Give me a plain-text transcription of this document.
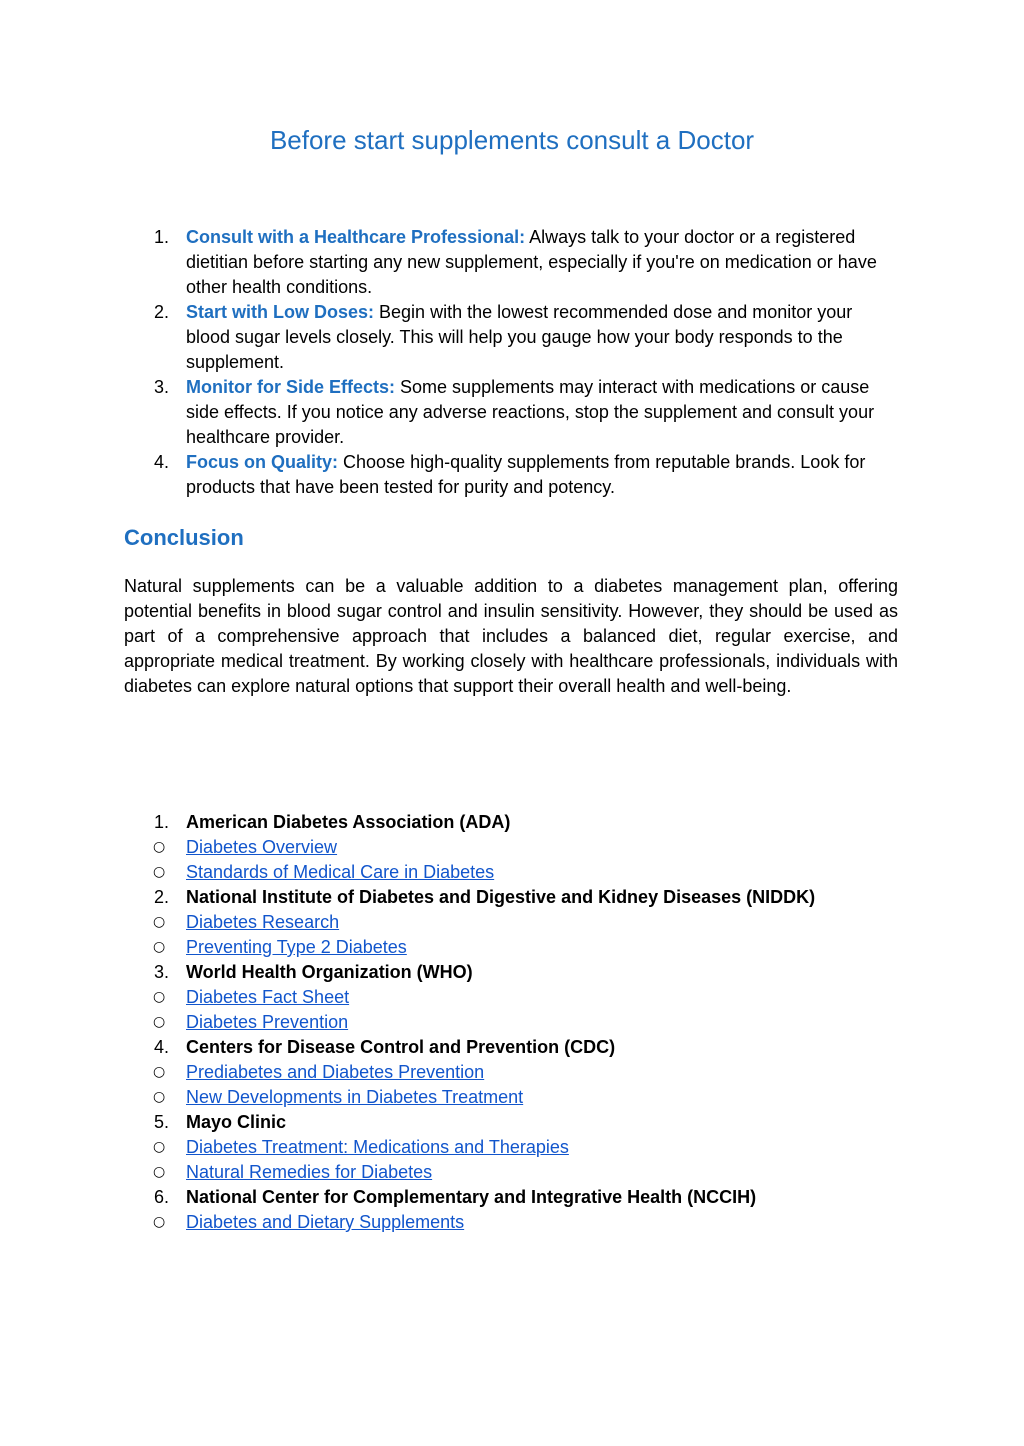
Before start supplements consult a Doctor
1. Consult with a Healthcare Professional: Always talk to your doctor or a registered dietitian before starting any new supplement, especially if you're on medication or have other health conditions.
2. Start with Low Doses: Begin with the lowest recommended dose and monitor your blood sugar levels closely. This will help you gauge how your body responds to the supplement.
3. Monitor for Side Effects: Some supplements may interact with medications or cause side effects. If you notice any adverse reactions, stop the supplement and consult your healthcare provider.
4. Focus on Quality: Choose high-quality supplements from reputable brands. Look for products that have been tested for purity and potency.
Conclusion

Natural supplements can be a valuable addition to a diabetes management plan, offering potential benefits in blood sugar control and insulin sensitivity. However, they should be used as part of a comprehensive approach that includes a balanced diet, regular exercise, and appropriate medical treatment. By working closely with healthcare professionals, individuals with diabetes can explore natural options that support their overall health and well-being.

1. American Diabetes Association (ADA)
○ Diabetes Overview
○ Standards of Medical Care in Diabetes
2. National Institute of Diabetes and Digestive and Kidney Diseases (NIDDK)
○ Diabetes Research
○ Preventing Type 2 Diabetes
3. World Health Organization (WHO)
○ Diabetes Fact Sheet
○ Diabetes Prevention
4. Centers for Disease Control and Prevention (CDC)
○ Prediabetes and Diabetes Prevention
○ New Developments in Diabetes Treatment
5. Mayo Clinic
○ Diabetes Treatment: Medications and Therapies
○ Natural Remedies for Diabetes
6. National Center for Complementary and Integrative Health (NCCIH)
○ Diabetes and Dietary Supplements
